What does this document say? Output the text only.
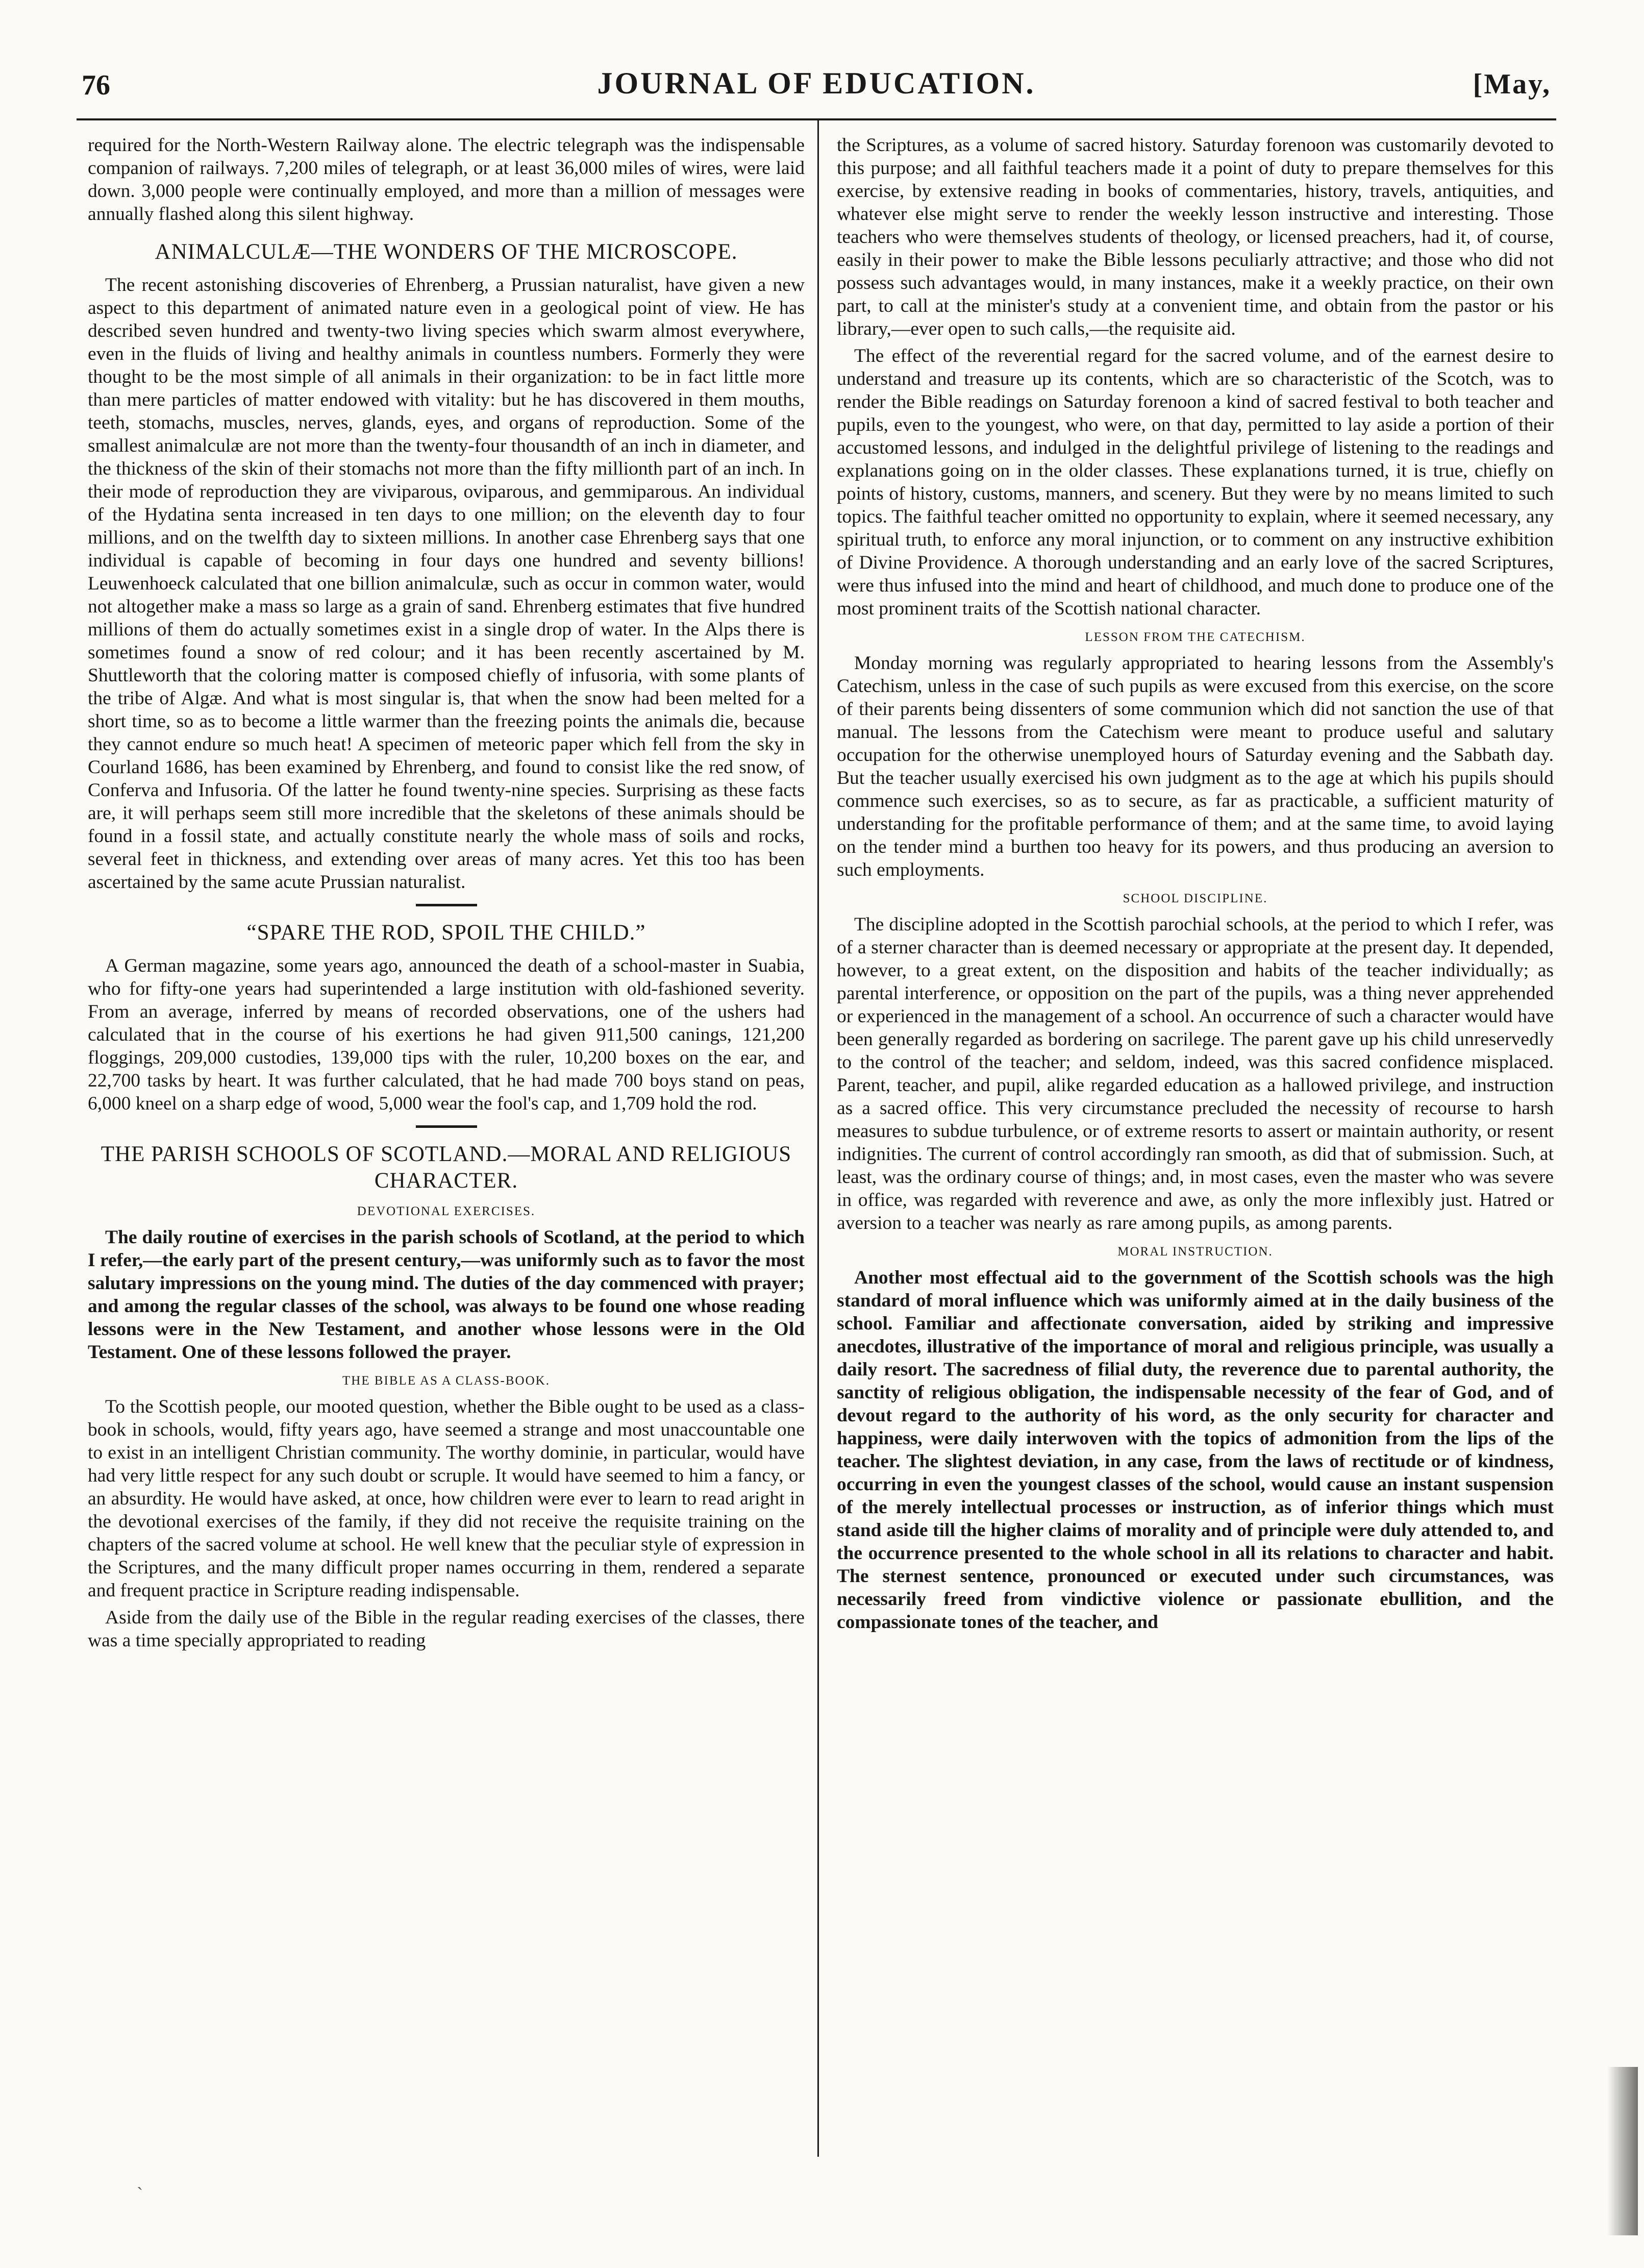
76	JOURNAL OF EDUCATION.	[May,

required for the North-Western Railway alone. The electric telegraph was the indispensable companion of railways. 7,200 miles of telegraph, or at least 36,000 miles of wires, were laid down. 3,000 people were continually employed, and more than a million of messages were annually flashed along this silent highway.

ANIMALCULÆ—THE WONDERS OF THE MICROSCOPE.

The recent astonishing discoveries of Ehrenberg, a Prussian naturalist, have given a new aspect to this department of animated nature even in a geological point of view. He has described seven hundred and twenty-two living species which swarm almost everywhere, even in the fluids of living and healthy animals in countless numbers. Formerly they were thought to be the most simple of all animals in their organization: to be in fact little more than mere particles of matter endowed with vitality: but he has discovered in them mouths, teeth, stomachs, muscles, nerves, glands, eyes, and organs of reproduction. Some of the smallest animalculæ are not more than the twenty-four thousandth of an inch in diameter, and the thickness of the skin of their stomachs not more than the fifty millionth part of an inch. In their mode of reproduction they are viviparous, oviparous, and gemmiparous. An individual of the Hydatina senta increased in ten days to one million; on the eleventh day to four millions, and on the twelfth day to sixteen millions. In another case Ehrenberg says that one individual is capable of becoming in four days one hundred and seventy billions! Leuwenhoeck calculated that one billion animalculæ, such as occur in common water, would not altogether make a mass so large as a grain of sand. Ehrenberg estimates that five hundred millions of them do actually sometimes exist in a single drop of water. In the Alps there is sometimes found a snow of red colour; and it has been recently ascertained by M. Shuttleworth that the coloring matter is composed chiefly of infusoria, with some plants of the tribe of Algæ. And what is most singular is, that when the snow had been melted for a short time, so as to become a little warmer than the freezing points the animals die, because they cannot endure so much heat! A specimen of meteoric paper which fell from the sky in Courland 1686, has been examined by Ehrenberg, and found to consist like the red snow, of Conferva and Infusoria. Of the latter he found twenty-nine species. Surprising as these facts are, it will perhaps seem still more incredible that the skeletons of these animals should be found in a fossil state, and actually constitute nearly the whole mass of soils and rocks, several feet in thickness, and extending over areas of many acres. Yet this too has been ascertained by the same acute Prussian naturalist.

“SPARE THE ROD, SPOIL THE CHILD.”

A German magazine, some years ago, announced the death of a school-master in Suabia, who for fifty-one years had superintended a large institution with old-fashioned severity. From an average, inferred by means of recorded observations, one of the ushers had calculated that in the course of his exertions he had given 911,500 canings, 121,200 floggings, 209,000 custodies, 139,000 tips with the ruler, 10,200 boxes on the ear, and 22,700 tasks by heart. It was further calculated, that he had made 700 boys stand on peas, 6,000 kneel on a sharp edge of wood, 5,000 wear the fool's cap, and 1,709 hold the rod.

THE PARISH SCHOOLS OF SCOTLAND.—MORAL AND RELIGIOUS CHARACTER.
DEVOTIONAL EXERCISES.

The daily routine of exercises in the parish schools of Scotland, at the period to which I refer,—the early part of the present century,—was uniformly such as to favor the most salutary impressions on the young mind. The duties of the day commenced with prayer; and among the regular classes of the school, was always to be found one whose reading lessons were in the New Testament, and another whose lessons were in the Old Testament. One of these lessons followed the prayer.

THE BIBLE AS A CLASS-BOOK.

To the Scottish people, our mooted question, whether the Bible ought to be used as a class-book in schools, would, fifty years ago, have seemed a strange and most unaccountable one to exist in an intelligent Christian community. The worthy dominie, in particular, would have had very little respect for any such doubt or scruple. It would have seemed to him a fancy, or an absurdity. He would have asked, at once, how children were ever to learn to read aright in the devotional exercises of the family, if they did not receive the requisite training on the chapters of the sacred volume at school. He well knew that the peculiar style of expression in the Scriptures, and the many difficult proper names occurring in them, rendered a separate and frequent practice in Scripture reading indispensable.

Aside from the daily use of the Bible in the regular reading exercises of the classes, there was a time specially appropriated to reading

the Scriptures, as a volume of sacred history. Saturday forenoon was customarily devoted to this purpose; and all faithful teachers made it a point of duty to prepare themselves for this exercise, by extensive reading in books of commentaries, history, travels, antiquities, and whatever else might serve to render the weekly lesson instructive and interesting. Those teachers who were themselves students of theology, or licensed preachers, had it, of course, easily in their power to make the Bible lessons peculiarly attractive; and those who did not possess such advantages would, in many instances, make it a weekly practice, on their own part, to call at the minister's study at a convenient time, and obtain from the pastor or his library,—ever open to such calls,—the requisite aid.

The effect of the reverential regard for the sacred volume, and of the earnest desire to understand and treasure up its contents, which are so characteristic of the Scotch, was to render the Bible readings on Saturday forenoon a kind of sacred festival to both teacher and pupils, even to the youngest, who were, on that day, permitted to lay aside a portion of their accustomed lessons, and indulged in the delightful privilege of listening to the readings and explanations going on in the older classes. These explanations turned, it is true, chiefly on points of history, customs, manners, and scenery. But they were by no means limited to such topics. The faithful teacher omitted no opportunity to explain, where it seemed necessary, any spiritual truth, to enforce any moral injunction, or to comment on any instructive exhibition of Divine Providence. A thorough understanding and an early love of the sacred Scriptures, were thus infused into the mind and heart of childhood, and much done to produce one of the most prominent traits of the Scottish national character.

LESSON FROM THE CATECHISM.

Monday morning was regularly appropriated to hearing lessons from the Assembly's Catechism, unless in the case of such pupils as were excused from this exercise, on the score of their parents being dissenters of some communion which did not sanction the use of that manual. The lessons from the Catechism were meant to produce useful and salutary occupation for the otherwise unemployed hours of Saturday evening and the Sabbath day. But the teacher usually exercised his own judgment as to the age at which his pupils should commence such exercises, so as to secure, as far as practicable, a sufficient maturity of understanding for the profitable performance of them; and at the same time, to avoid laying on the tender mind a burthen too heavy for its powers, and thus producing an aversion to such employments.

SCHOOL DISCIPLINE.

The discipline adopted in the Scottish parochial schools, at the period to which I refer, was of a sterner character than is deemed necessary or appropriate at the present day. It depended, however, to a great extent, on the disposition and habits of the teacher individually; as parental interference, or opposition on the part of the pupils, was a thing never apprehended or experienced in the management of a school. An occurrence of such a character would have been generally regarded as bordering on sacrilege. The parent gave up his child unreservedly to the control of the teacher; and seldom, indeed, was this sacred confidence misplaced. Parent, teacher, and pupil, alike regarded education as a hallowed privilege, and instruction as a sacred office. This very circumstance precluded the necessity of recourse to harsh measures to subdue turbulence, or of extreme resorts to assert or maintain authority, or resent indignities. The current of control accordingly ran smooth, as did that of submission. Such, at least, was the ordinary course of things; and, in most cases, even the master who was severe in office, was regarded with reverence and awe, as only the more inflexibly just. Hatred or aversion to a teacher was nearly as rare among pupils, as among parents.

MORAL INSTRUCTION.

Another most effectual aid to the government of the Scottish schools was the high standard of moral influence which was uniformly aimed at in the daily business of the school. Familiar and affectionate conversation, aided by striking and impressive anecdotes, illustrative of the importance of moral and religious principle, was usually a daily resort. The sacredness of filial duty, the reverence due to parental authority, the sanctity of religious obligation, the indispensable necessity of the fear of God, and of devout regard to the authority of his word, as the only security for character and happiness, were daily interwoven with the topics of admonition from the lips of the teacher. The slightest deviation, in any case, from the laws of rectitude or of kindness, occurring in even the youngest classes of the school, would cause an instant suspension of the merely intellectual processes or instruction, as of inferior things which must stand aside till the higher claims of morality and of principle were duly attended to, and the occurrence presented to the whole school in all its relations to character and habit. The sternest sentence, pronounced or executed under such circumstances, was necessarily freed from vindictive violence or passionate ebullition, and the compassionate tones of the teacher, and

ˏ
